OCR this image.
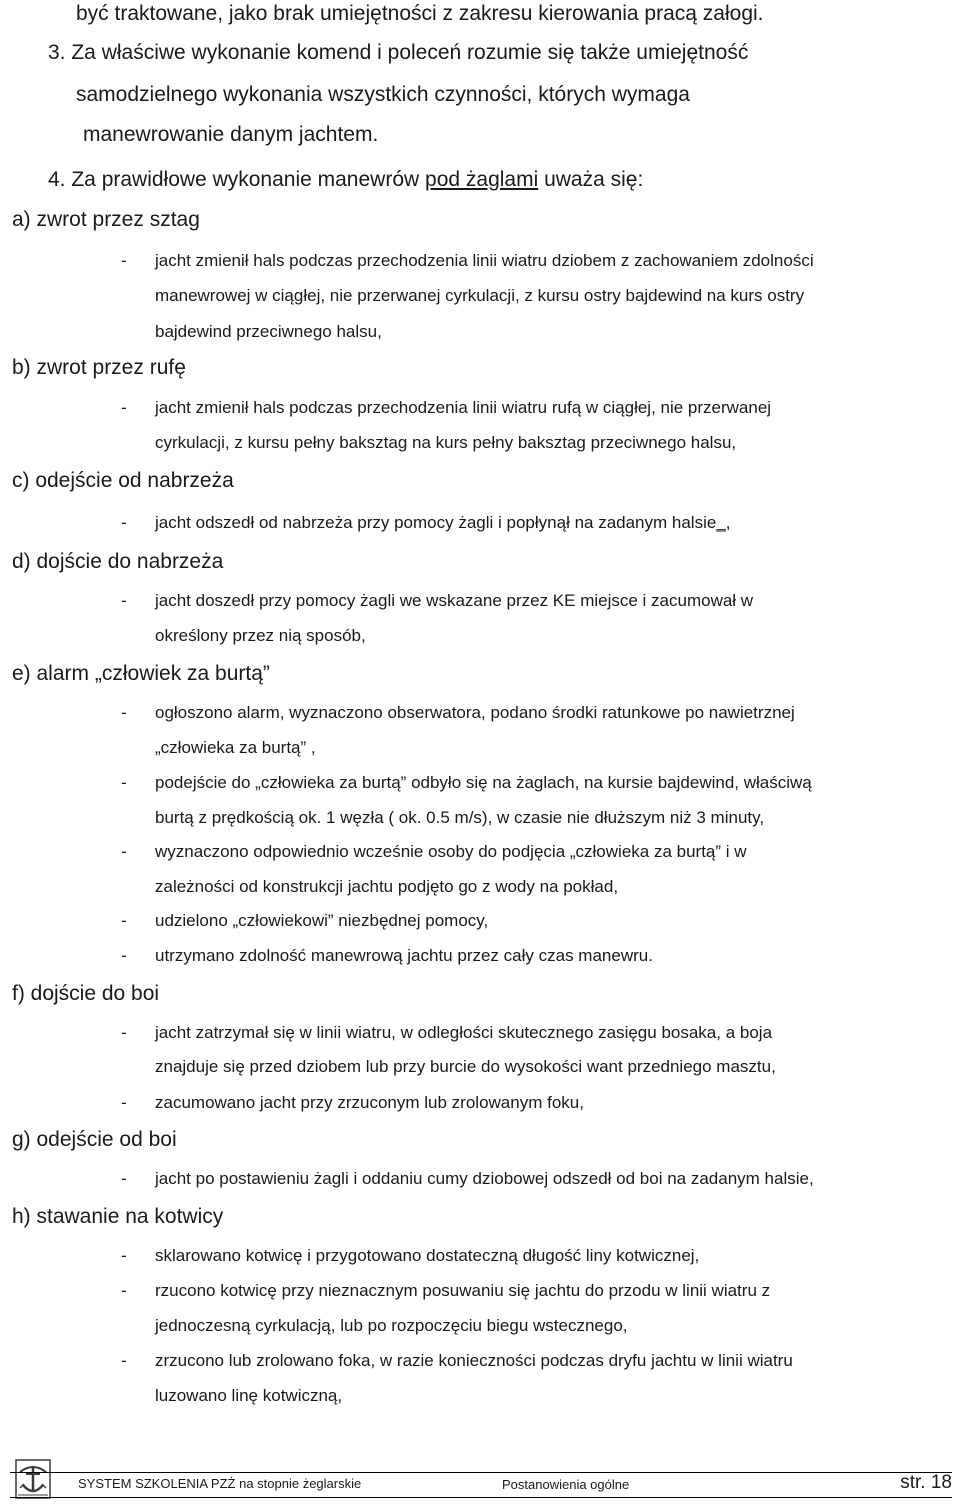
być traktowane, jako brak umiejętności z zakresu kierowania pracą załogi.
3. Za właściwe wykonanie komend i poleceń rozumie się także umiejętność
samodzielnego wykonania wszystkich czynności, których wymaga
manewrowanie danym jachtem.
4. Za prawidłowe wykonanie manewrów pod żaglami uważa się:
a) zwrot przez sztag
- jacht zmienił hals podczas przechodzenia linii wiatru dziobem z zachowaniem zdolności
manewrowej w ciągłej, nie przerwanej cyrkulacji, z kursu ostry bajdewind na kurs ostry
bajdewind przeciwnego halsu,
b) zwrot przez rufę
- jacht zmienił hals podczas przechodzenia linii wiatru rufą w ciągłej, nie przerwanej
cyrkulacji, z kursu pełny baksztag na kurs pełny baksztag przeciwnego halsu,
c) odejście od nabrzeża
- jacht odszedł od nabrzeża przy pomocy żagli i popłynął na zadanym halsie_,
d) dojście do nabrzeża
- jacht doszedł przy pomocy żagli we wskazane przez KE miejsce i zacumował w
określony przez nią sposób,
e) alarm „człowiek za burtą”
- ogłoszono alarm, wyznaczono obserwatora, podano środki ratunkowe po nawietrznej
„człowieka za burtą” ,
- podejście do „człowieka za burtą” odbyło się na żaglach, na kursie bajdewind, właściwą
burtą z prędkością ok. 1 węzła ( ok. 0.5 m/s), w czasie nie dłuższym niż 3 minuty,
- wyznaczono odpowiednio wcześnie osoby do podjęcia „człowieka za burtą” i w
zależności od konstrukcji jachtu podjęto go z wody na pokład,
- udzielono „człowiekowi” niezbędnej pomocy,
- utrzymano zdolność manewrową jachtu przez cały czas manewru.
f) dojście do boi
- jacht zatrzymał się w linii wiatru, w odległości skutecznego zasięgu bosaka, a boja
znajduje się przed dziobem lub przy burcie do wysokości want przedniego masztu,
- zacumowano jacht przy zrzuconym lub zrolowanym foku,
g) odejście od boi
- jacht po postawieniu żagli i oddaniu cumy dziobowej odszedł od boi na zadanym halsie,
h) stawanie na kotwicy
- sklarowano kotwicę i przygotowano dostateczną długość liny kotwicznej,
- rzucono kotwicę przy nieznacznym posuwaniu się jachtu do przodu w linii wiatru z
jednoczesną cyrkulacją, lub po rozpoczęciu biegu wstecznego,
- zrzucono lub zrolowano foka, w razie konieczności podczas dryfu jachtu w linii wiatru
luzowano linę kotwiczną,
SYSTEM SZKOLENIA PZŻ na stopnie żeglarskie	Postanowienia ogólne	str. 18
